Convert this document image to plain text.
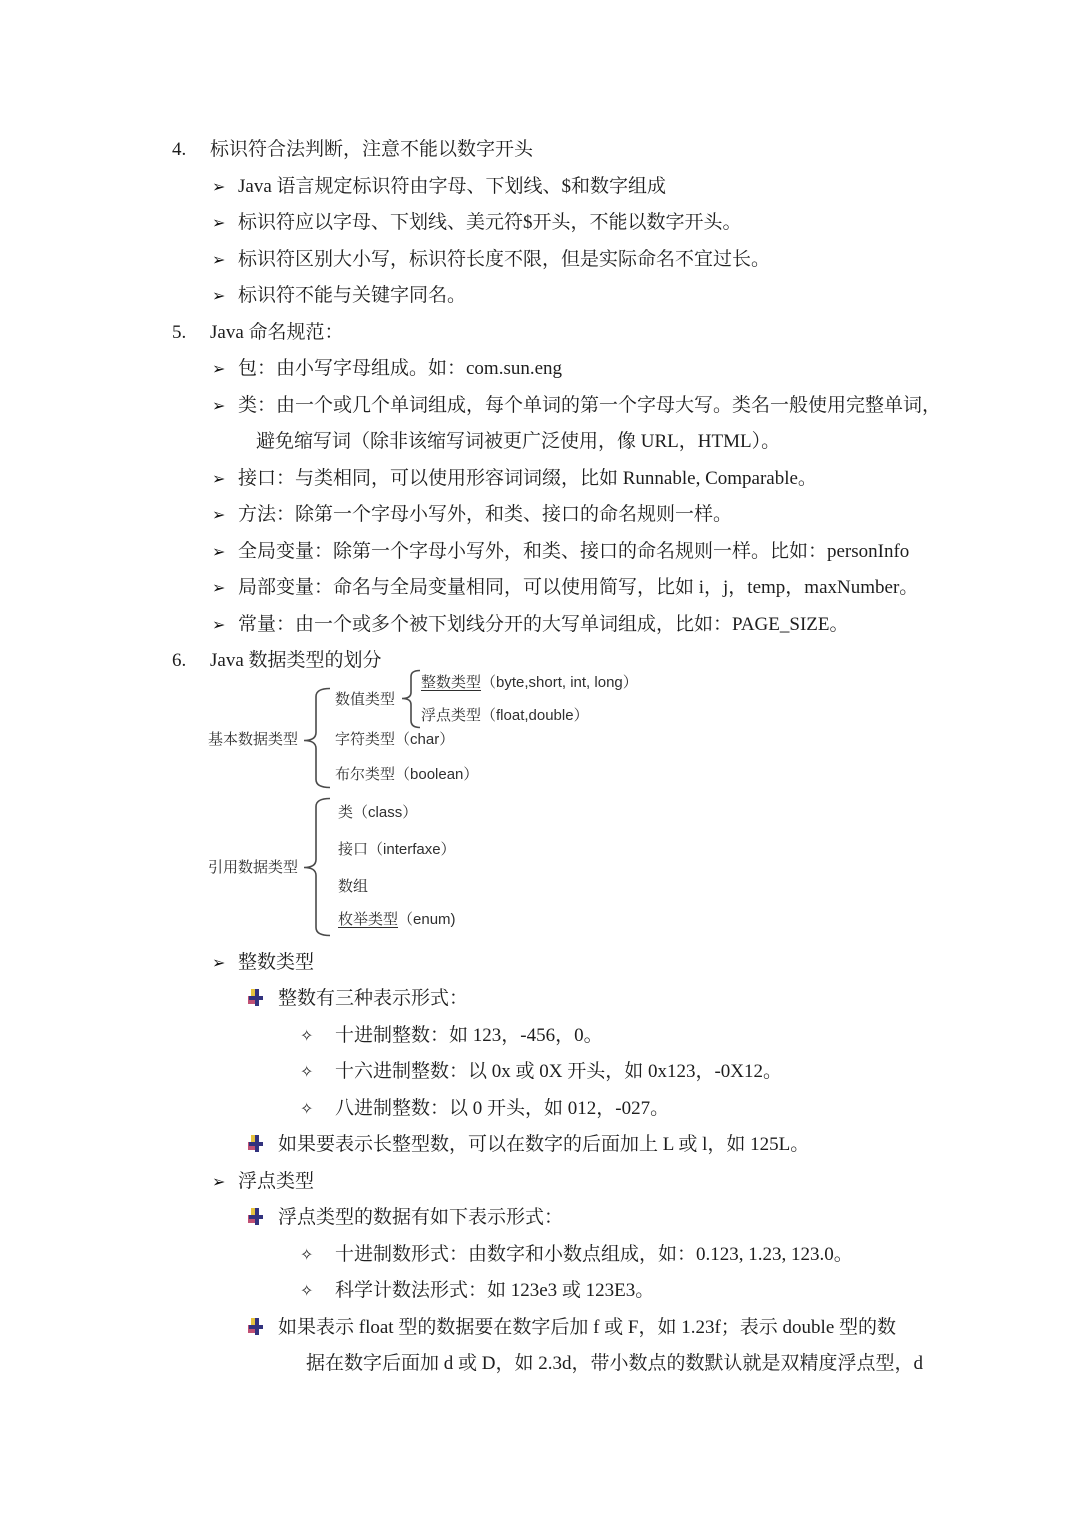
4. 标识符合法判断，注意不能以数字开头
➢ Java 语言规定标识符由字母、下划线、$和数字组成
➢ 标识符应以字母、下划线、美元符$开头，不能以数字开头。
➢ 标识符区别大小写，标识符长度不限，但是实际命名不宜过长。
➢ 标识符不能与关键字同名。
5. Java 命名规范：
➢ 包：由小写字母组成。如：com.sun.eng
➢ 类：由一个或几个单词组成，每个单词的第一个字母大写。类名一般使用完整单词，
避免缩写词（除非该缩写词被更广泛使用，像 URL，HTML）。
➢ 接口：与类相同，可以使用形容词词缀，比如 Runnable, Comparable。
➢ 方法：除第一个字母小写外，和类、接口的命名规则一样。
➢ 全局变量：除第一个字母小写外，和类、接口的命名规则一样。比如：personInfo
➢ 局部变量：命名与全局变量相同，可以使用简写，比如 i，j，temp，maxNumber。
➢ 常量：由一个或多个被下划线分开的大写单词组成，比如：PAGE_SIZE。
6. Java 数据类型的划分
基本数据类型
数值类型
整数类型（byte,short, int, long）
浮点类型（float,double）
字符类型（char）
布尔类型（boolean）
引用数据类型
类（class）
接口（interfaxe）
数组
枚举类型（enum)
➢ 整数类型
整数有三种表示形式：
✧ 十进制整数：如 123，-456，0。
✧ 十六进制整数：以 0x 或 0X 开头，如 0x123，-0X12。
✧ 八进制整数：以 0 开头，如 012，-027。
如果要表示长整型数，可以在数字的后面加上 L 或 l，如 125L。
➢ 浮点类型
浮点类型的数据有如下表示形式：
✧ 十进制数形式：由数字和小数点组成，如：0.123, 1.23, 123.0。
✧ 科学计数法形式：如 123e3 或 123E3。
如果表示 float 型的数据要在数字后加 f 或 F，如 1.23f；表示 double 型的数
据在数字后面加 d 或 D，如 2.3d，带小数点的数默认就是双精度浮点型，d
